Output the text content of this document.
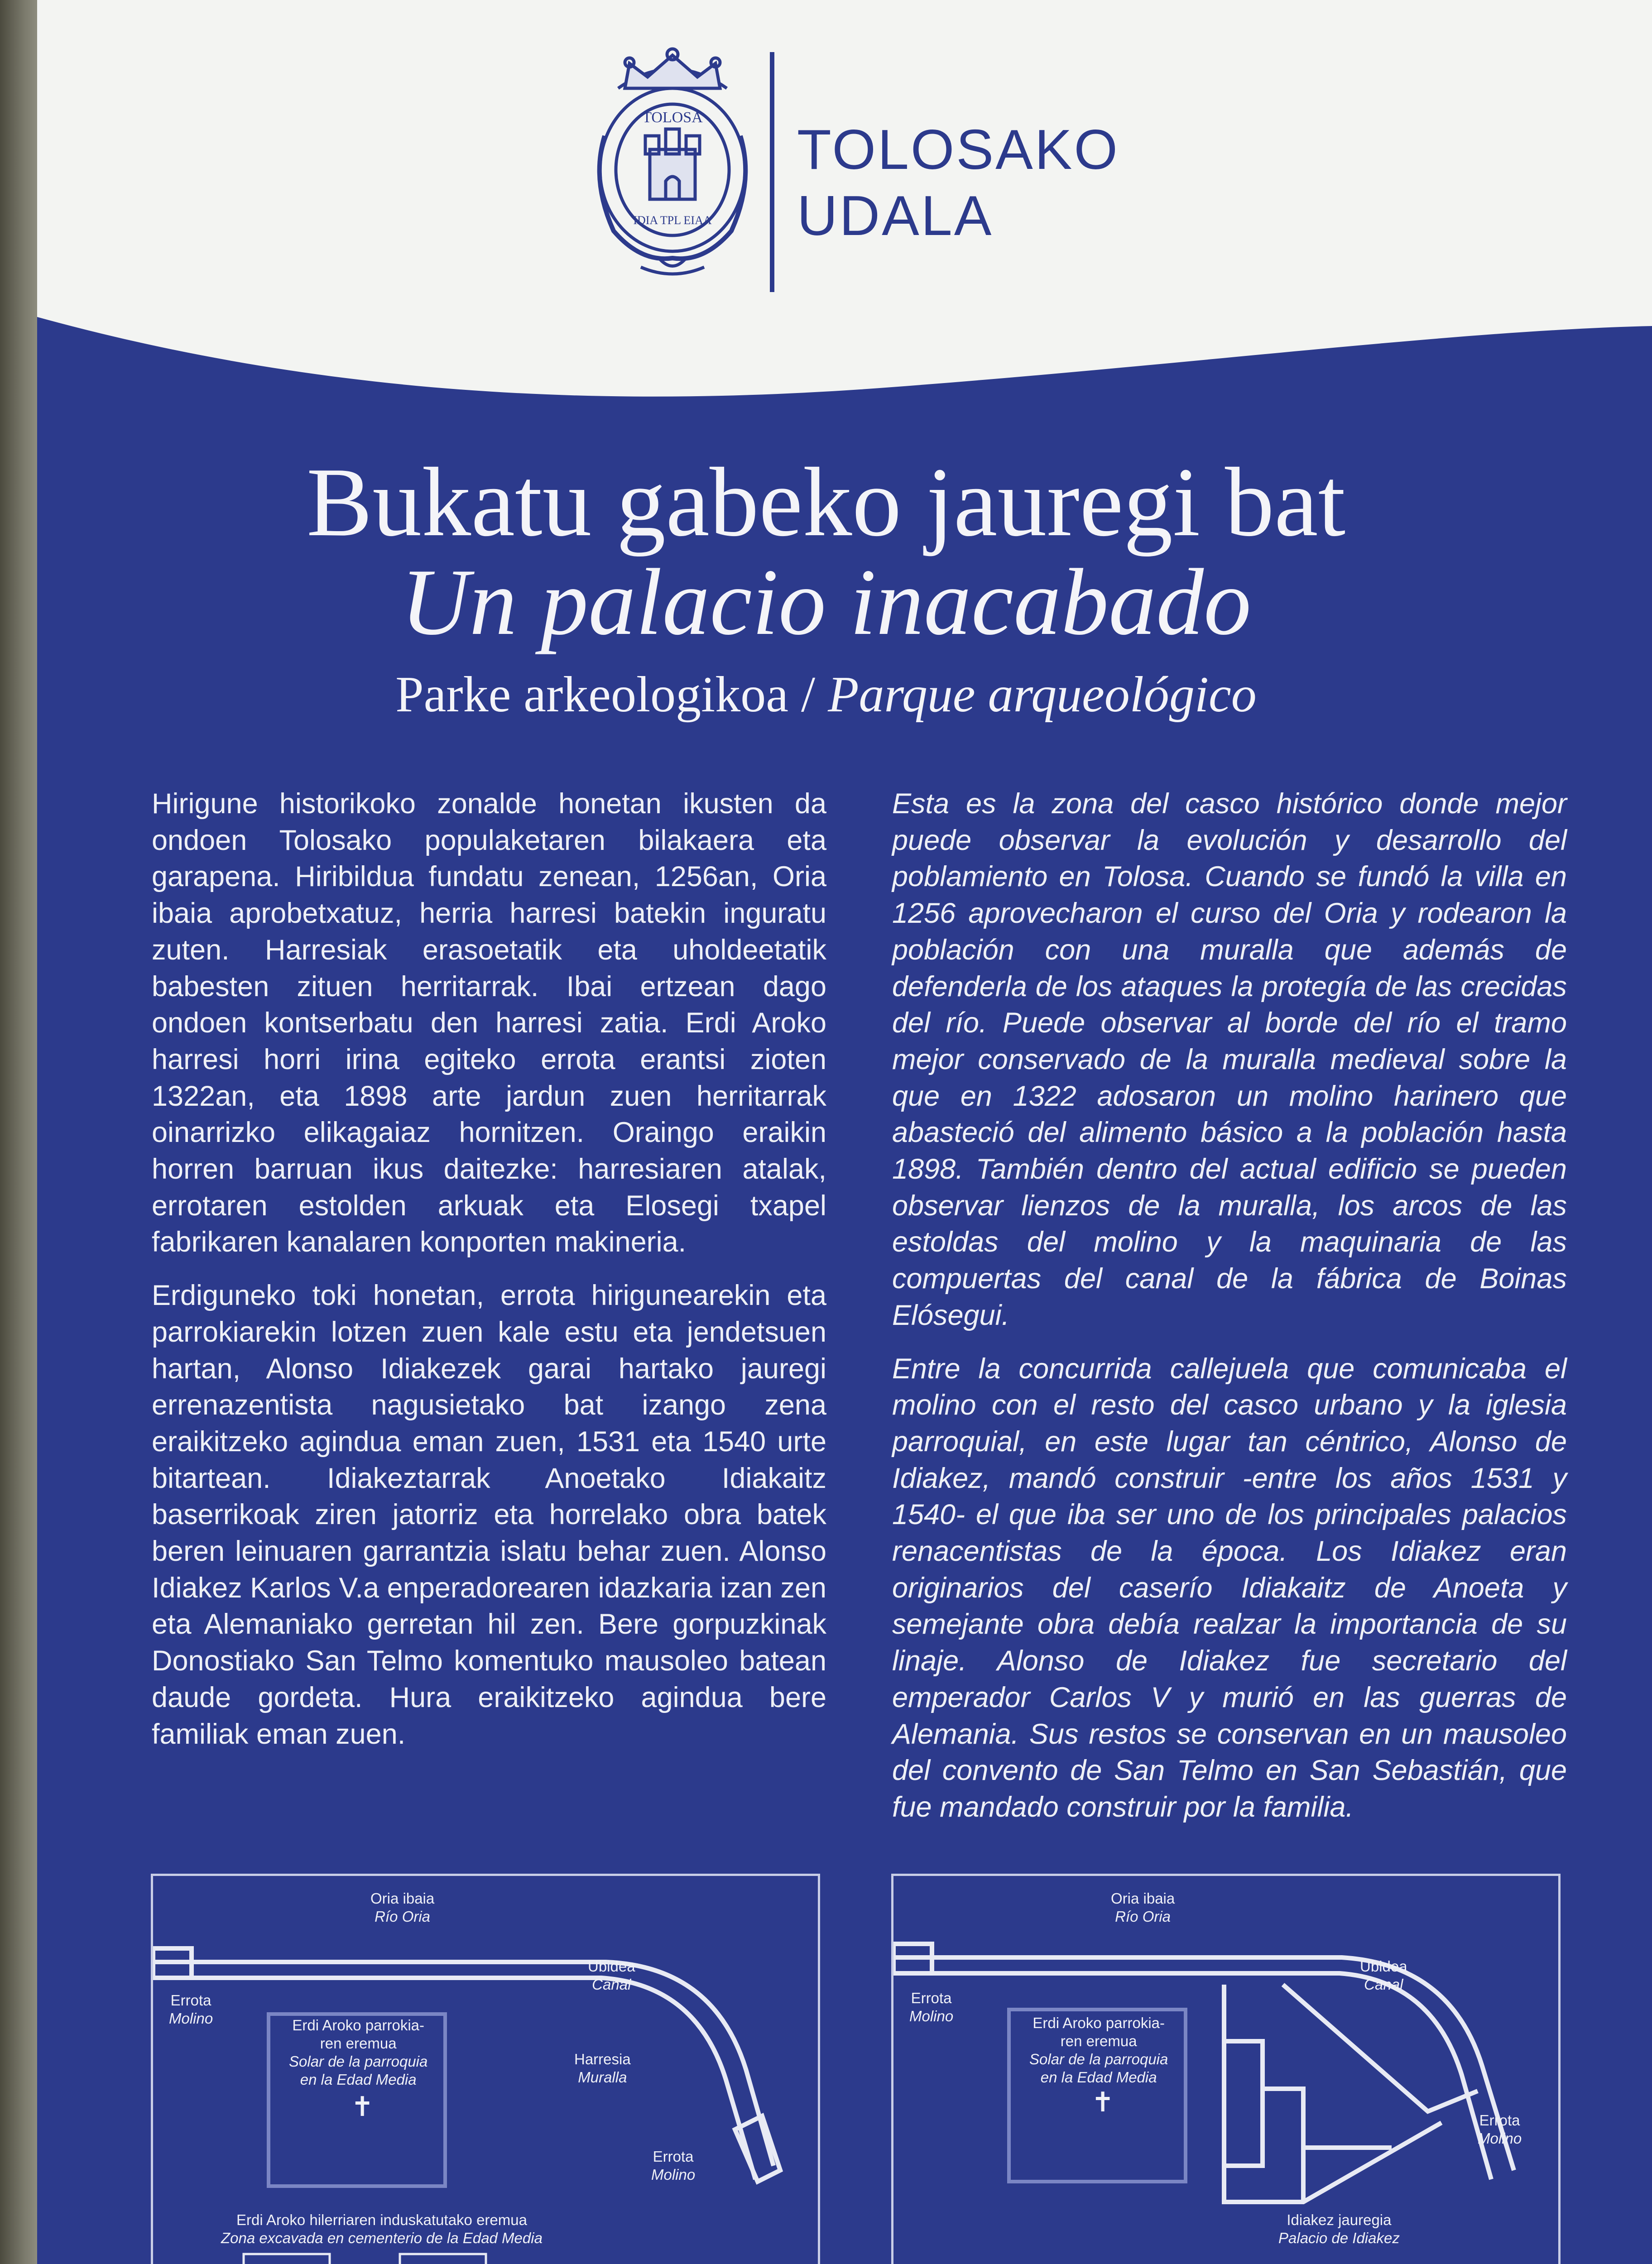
TOLOSA
IDIA TPL EIAA
TOLOSAKO
UDALA
Bukatu gabeko jauregi bat
Un palacio inacabado
Parke arkeologikoa / Parque arqueológico

Hirigune historikoko zonalde honetan ikusten da ondoen Tolosako populaketaren bilakaera eta garapena. Hiribildua fundatu zenean, 1256an, Oria ibaia aprobetxatuz, herria harresi batekin inguratu zuten. Harresiak erasoetatik eta uholdeetatik babesten zituen herritarrak. Ibai ertzean dago ondoen kontserbatu den harresi zatia. Erdi Aroko harresi horri irina egiteko errota erantsi zioten 1322an, eta 1898 arte jardun zuen herritarrak oinarrizko elikagaiaz hornitzen. Oraingo eraikin horren barruan ikus daitezke: harresiaren atalak, errotaren estolden arkuak eta Elosegi txapel fabrikaren kanalaren konporten makineria.

Erdiguneko toki honetan, errota hirigunearekin eta parrokiarekin lotzen zuen kale estu eta jendetsuen hartan, Alonso Idiakezek garai hartako jauregi errenazentista nagusietako bat izango zena eraikitzeko agindua eman zuen, 1531 eta 1540 urte bitartean. Idiakeztarrak Anoetako Idiakaitz baserrikoak ziren jatorriz eta horrelako obra batek beren leinuaren garrantzia islatu behar zuen. Alonso Idiakez Karlos V.a enperadorearen idazkaria izan zen eta Alemaniako gerretan hil zen. Bere gorpuzkinak Donostiako San Telmo komentuko mausoleo batean daude gordeta. Hura eraikitzeko agindua bere familiak eman zuen.

Esta es la zona del casco histórico donde mejor puede observar la evolución y desarrollo del poblamiento en Tolosa. Cuando se fundó la villa en 1256 aprovecharon el curso del Oria y rodearon la población con una muralla que además de defenderla de los ataques la protegía de las crecidas del río. Puede observar al borde del río el tramo mejor conservado de la muralla medieval sobre la que en 1322 adosaron un molino harinero que abasteció del alimento básico a la población hasta 1898. También dentro del actual edificio se pueden observar lienzos de la muralla, los arcos de las estoldas del molino y la maquinaria de las compuertas del canal de la fábrica de Boinas Elósegui.

Entre la concurrida callejuela que comunicaba el molino con el resto del casco urbano y la iglesia parroquial, en este lugar tan céntrico, Alonso de Idiakez, mandó construir -entre los años 1531 y 1540- el que iba ser uno de los principales palacios renacentistas de la época. Los Idiakez eran originarios del caserío Idiakaitz de Anoeta y semejante obra debía realzar la importancia de su linaje. Alonso de Idiakez fue secretario del emperador Carlos V y murió en las guerras de Alemania. Sus restos se conservan en un mausoleo del convento de San Telmo en San Sebastián, que fue mandado construir por la familia.

Oria ibaia
Río Oria
Ubidea
Canal
Errota
Molino	Erdi Aroko parrokia-
ren eremua
Solar de la parroquia
en la Edad Media
✝
Harresia
Muralla
Errota
Molino
Erdi Aroko hilerriaren induskatutako eremua
Zona excavada en cementerio de la Edad Media
Oria ibaia
Río Oria
Ubidea
Canal
Errota
Molino	Erdi Aroko parrokia-
ren eremua
Solar de la parroquia
en la Edad Media
✝
Errota
Molino
Idiakez jauregia
Palacio de Idiakez
